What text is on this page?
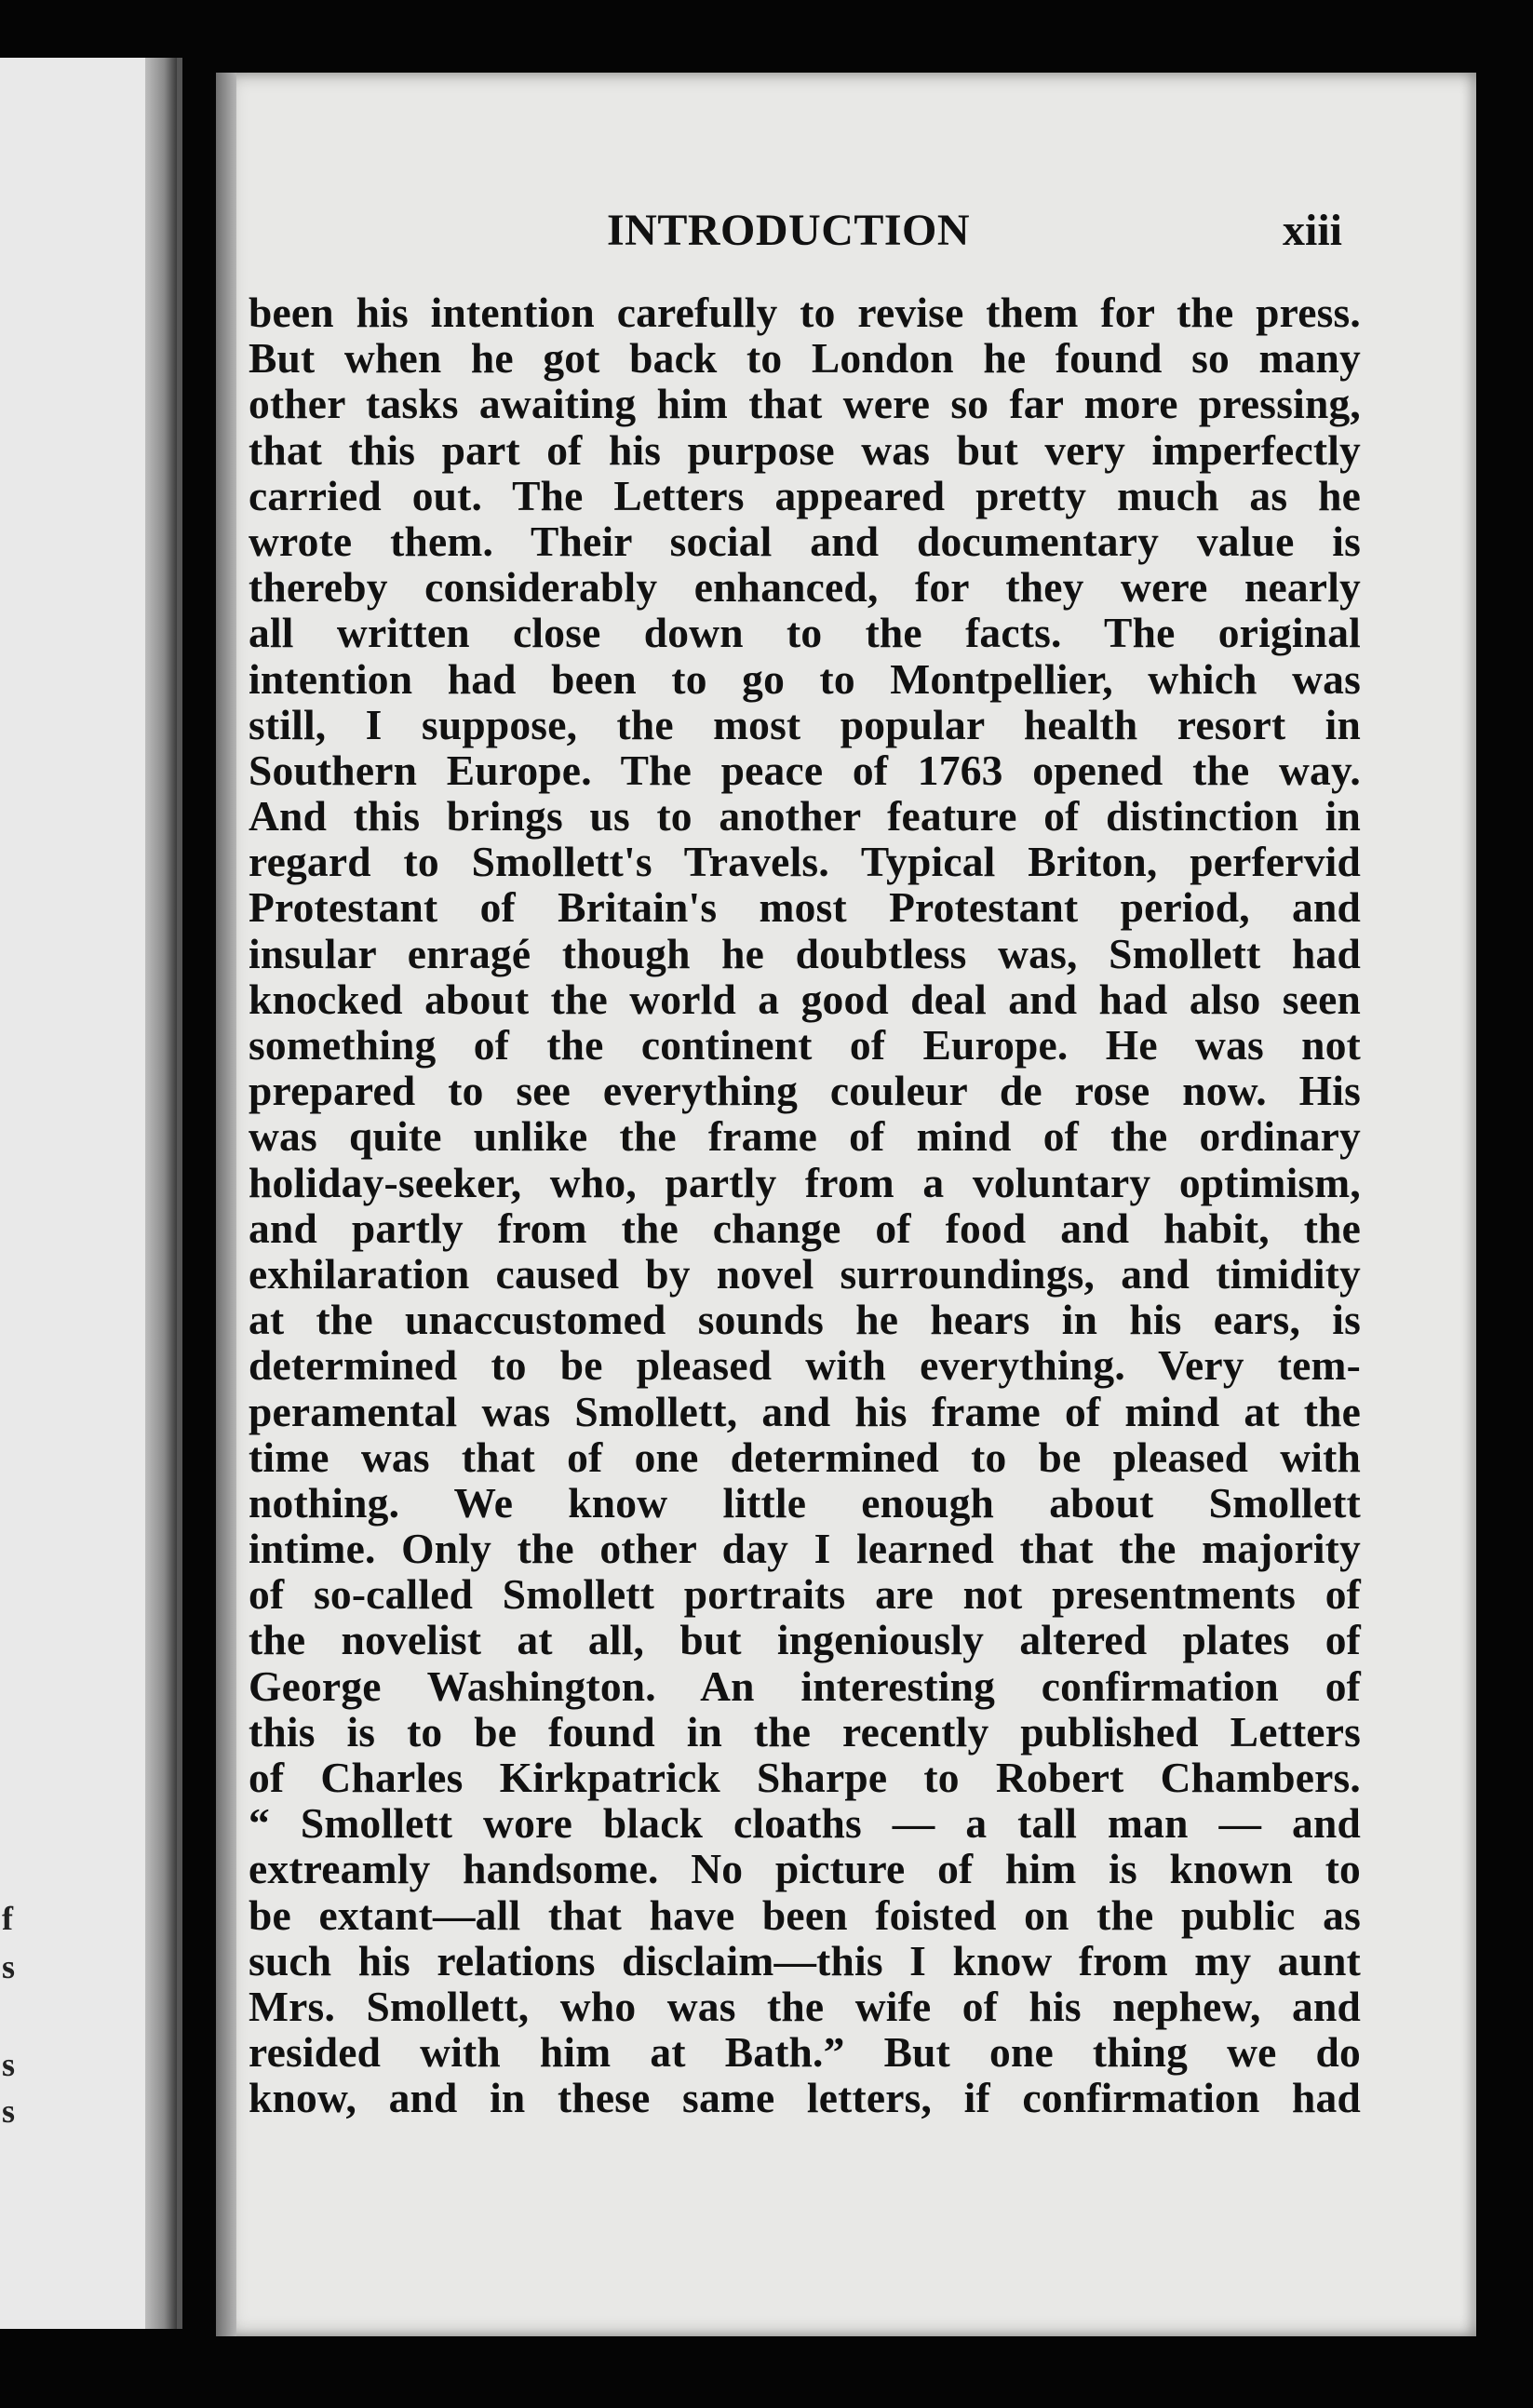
f
s
s
s
INTRODUCTION	xiii
been his intention carefully to revise them for the press.
But when he got back to London he found so many
other tasks awaiting him that were so far more pressing,
that this part of his purpose was but very imperfectly
carried out. The Letters appeared pretty much as he
wrote them. Their social and documentary value is
thereby considerably enhanced, for they were nearly
all written close down to the facts. The original
intention had been to go to Montpellier, which was
still, I suppose, the most popular health resort in
Southern Europe. The peace of 1763 opened the way.
And this brings us to another feature of distinction in
regard to Smollett's Travels. Typical Briton, perfervid
Protestant of Britain's most Protestant period, and
insular enragé though he doubtless was, Smollett had
knocked about the world a good deal and had also seen
something of the continent of Europe. He was not
prepared to see everything couleur de rose now. His
was quite unlike the frame of mind of the ordinary
holiday-seeker, who, partly from a voluntary optimism,
and partly from the change of food and habit, the
exhilaration caused by novel surroundings, and timidity
at the unaccustomed sounds he hears in his ears, is
determined to be pleased with everything. Very tem-
peramental was Smollett, and his frame of mind at the
time was that of one determined to be pleased with
nothing. We know little enough about Smollett
intime. Only the other day I learned that the majority
of so-called Smollett portraits are not presentments of
the novelist at all, but ingeniously altered plates of
George Washington. An interesting confirmation of
this is to be found in the recently published Letters
of Charles Kirkpatrick Sharpe to Robert Chambers.
“ Smollett wore black cloaths — a tall man — and
extreamly handsome. No picture of him is known to
be extant—all that have been foisted on the public as
such his relations disclaim—this I know from my aunt
Mrs. Smollett, who was the wife of his nephew, and
resided with him at Bath.” But one thing we do
know, and in these same letters, if confirmation had
